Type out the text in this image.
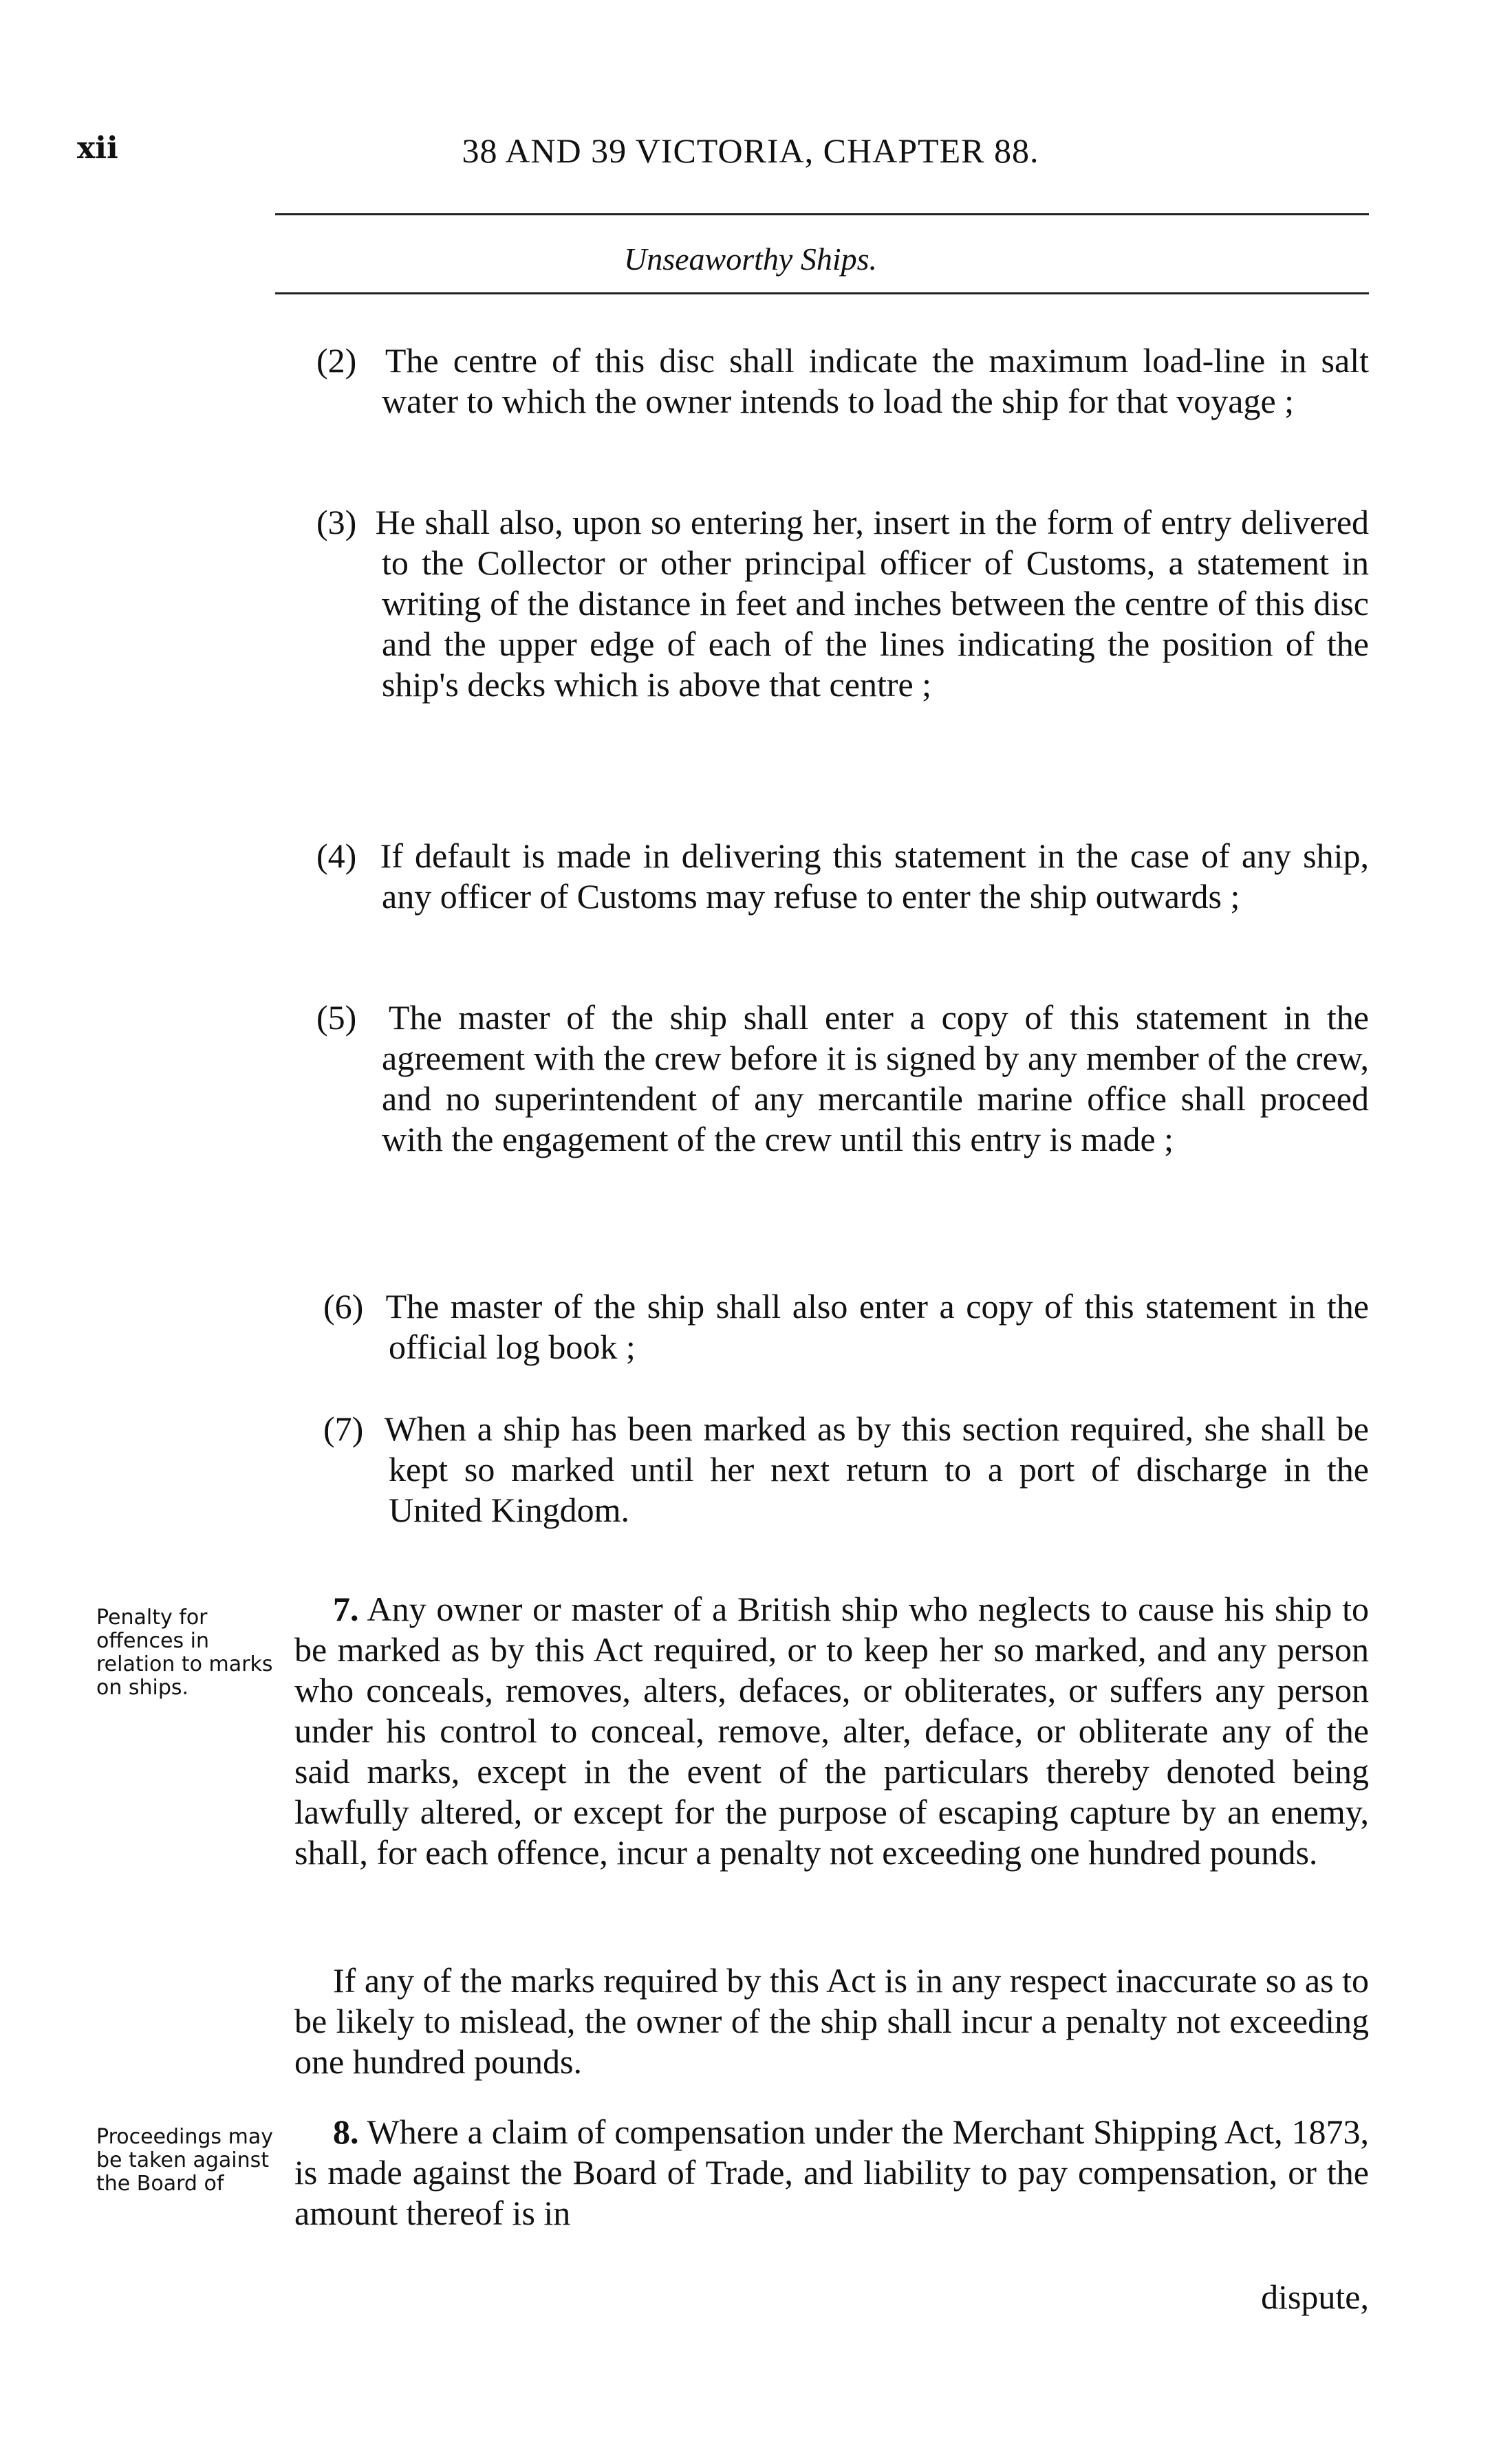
xii	38 AND 39 VICTORIA, CHAPTER 88.
Unseaworthy Ships.
(2) The centre of this disc shall indicate the maximum load-line in salt water to which the owner intends to load the ship for that voyage ;
(3) He shall also, upon so entering her, insert in the form of entry delivered to the Collector or other principal officer of Customs, a statement in writing of the distance in feet and inches between the centre of this disc and the upper edge of each of the lines indicating the position of the ship's decks which is above that centre ;
(4) If default is made in delivering this statement in the case of any ship, any officer of Customs may refuse to enter the ship outwards ;
(5) The master of the ship shall enter a copy of this statement in the agreement with the crew before it is signed by any member of the crew, and no superintendent of any mercantile marine office shall proceed with the engagement of the crew until this entry is made ;
(6) The master of the ship shall also enter a copy of this statement in the official log book ;
(7) When a ship has been marked as by this section required, she shall be kept so marked until her next return to a port of discharge in the United Kingdom.
Penalty for offences in relation to marks on ships.
7. Any owner or master of a British ship who neglects to cause his ship to be marked as by this Act required, or to keep her so marked, and any person who conceals, removes, alters, defaces, or obliterates, or suffers any person under his control to conceal, remove, alter, deface, or obliterate any of the said marks, except in the event of the particulars thereby denoted being lawfully altered, or except for the purpose of escaping capture by an enemy, shall, for each offence, incur a penalty not exceeding one hundred pounds.
If any of the marks required by this Act is in any respect inaccurate so as to be likely to mislead, the owner of the ship shall incur a penalty not exceeding one hundred pounds.
Proceedings may be taken against the Board of
8. Where a claim of compensation under the Merchant Shipping Act, 1873, is made against the Board of Trade, and liability to pay compensation, or the amount thereof is in
dispute,
